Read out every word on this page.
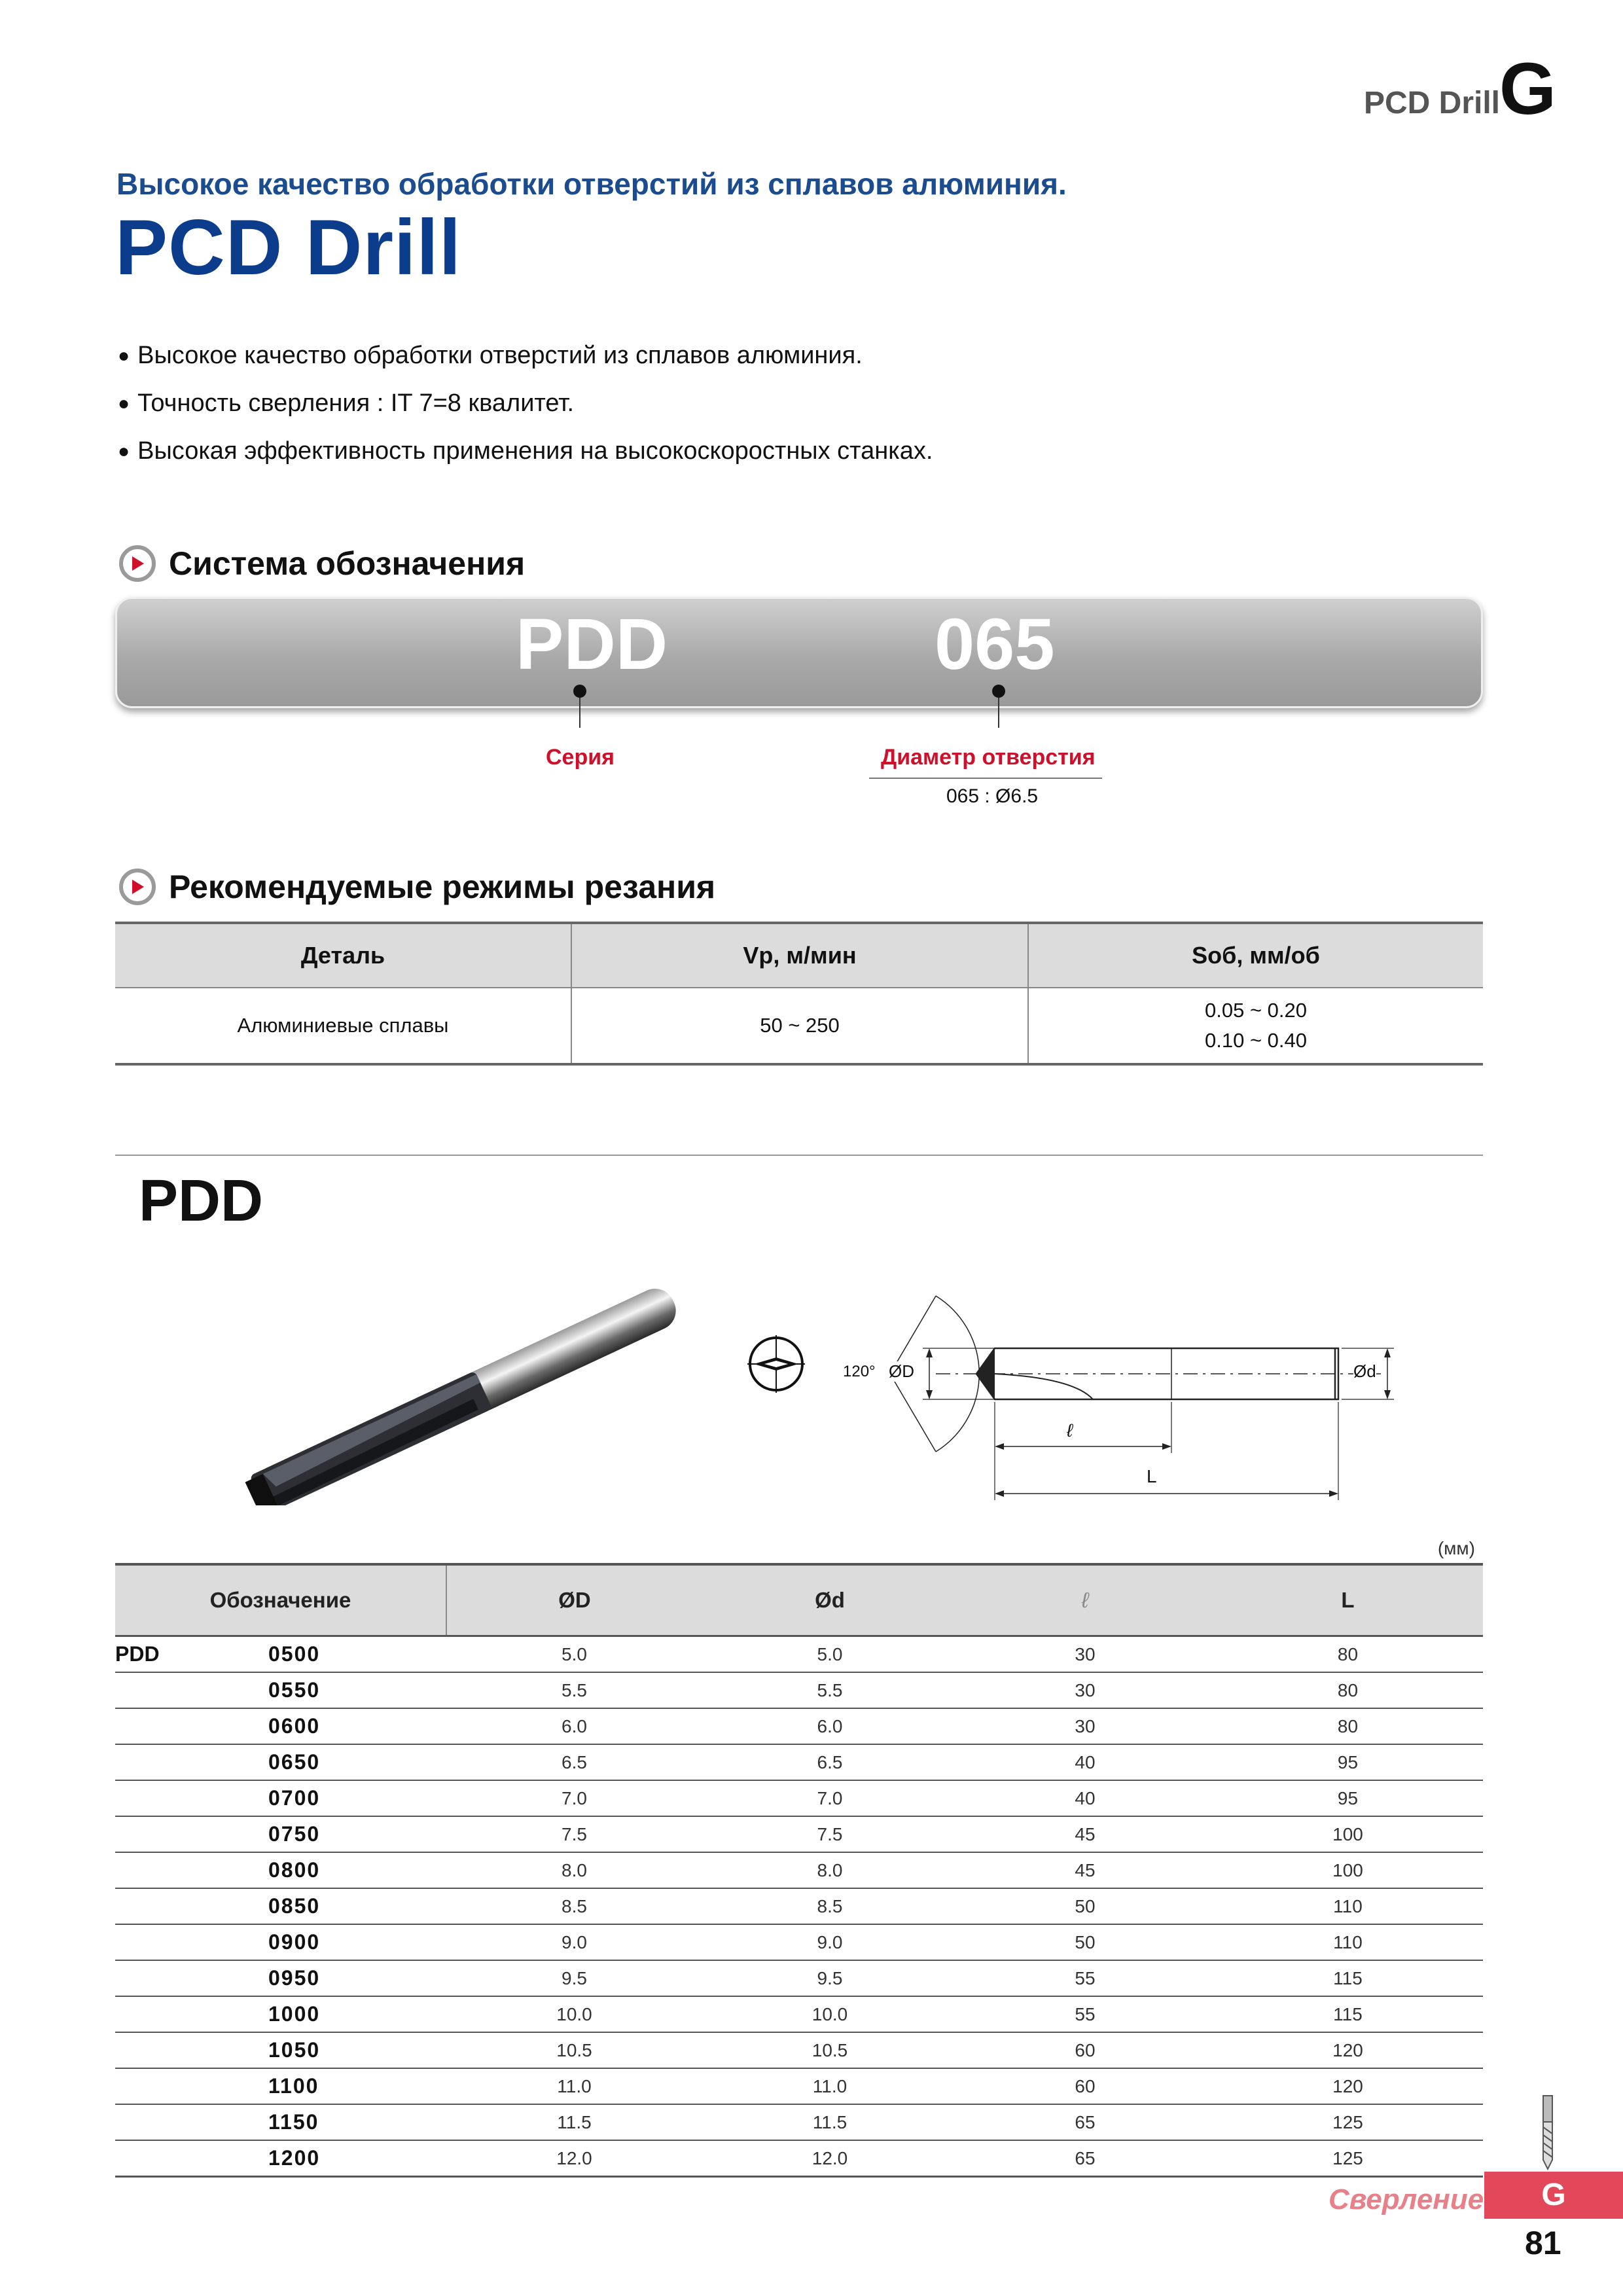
PCD Drill
G
Высокое качество обработки отверстий из сплавов алюминия.
PCD Drill
● Высокое качество обработки отверстий из сплавов алюминия.
● Точность сверления : IT 7=8 квалитет.
● Высокая эффективность применения на высокоскоростных станках.
Система обозначения
PDD	065
Серия	Диаметр отверстия
065 : Ø6.5
Рекомендуемые режимы резания
Деталь	Vp, м/мин	Sоб, мм/об
Алюминиевые сплавы	50 ~ 250	0.05 ~ 0.20
0.10 ~ 0.40
PDD
120° ØD	Ød
ℓ
L
(мм)
Обозначение		ØD	Ød	ℓ	L
PDD	0500	5.0	5.0	30	80
	0550	5.5	5.5	30	80
	0600	6.0	6.0	30	80
	0650	6.5	6.5	40	95
	0700	7.0	7.0	40	95
	0750	7.5	7.5	45	100
	0800	8.0	8.0	45	100
	0850	8.5	8.5	50	110
	0900	9.0	9.0	50	110
	0950	9.5	9.5	55	115
	1000	10.0	10.0	55	115
	1050	10.5	10.5	60	120
	1100	11.0	11.0	60	120
	1150	11.5	11.5	65	125
	1200	12.0	12.0	65	125
Сверление	G
81
